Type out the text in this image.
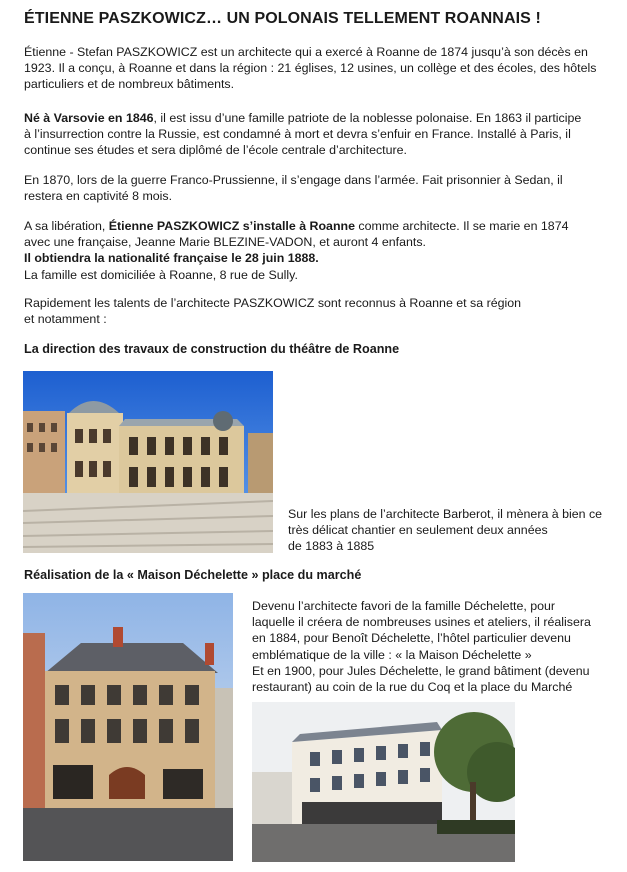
ÉTIENNE PASZKOWICZ… UN POLONAIS TELLEMENT ROANNAIS !
Étienne - Stefan PASZKOWICZ est un architecte qui a exercé à Roanne de 1874 jusqu’à son décès en
1923. Il a conçu, à Roanne et dans la région : 21 églises, 12 usines, un collège et des écoles, des hôtels
particuliers et de nombreux bâtiments.
Né à Varsovie en 1846, il est issu d’une famille patriote de la noblesse polonaise. En 1863 il participe
à l’insurrection contre la Russie, est condamné à mort et devra s’enfuir en France. Installé à Paris, il
continue ses études et sera diplômé de l’école centrale d’architecture.
En 1870, lors de la guerre Franco-Prussienne, il s’engage dans l’armée. Fait prisonnier à Sedan, il
restera en captivité 8 mois.
A sa libération, Étienne PASZKOWICZ s’installe à Roanne comme architecte. Il se marie en 1874
avec une française, Jeanne Marie BLEZINE-VADON, et auront 4 enfants.
Il obtiendra la nationalité française le 28 juin 1888.
La famille est domiciliée à Roanne, 8 rue de Sully.
Rapidement les talents de l’architecte PASZKOWICZ sont reconnus à Roanne et sa région
et notamment :
La direction des travaux de construction du théâtre de Roanne
Sur les plans de l’architecte Barberot, il mènera à bien ce
très délicat chantier en seulement deux années
de 1883 à 1885
Réalisation de la « Maison Déchelette » place du marché
Devenu l’architecte favori de la famille Déchelette, pour
laquelle il créera de nombreuses usines et ateliers, il réalisera
en 1884, pour Benoît Déchelette, l’hôtel particulier devenu
emblématique de la ville : « la Maison Déchelette »
Et en 1900, pour Jules Déchelette, le grand bâtiment (devenu
restaurant) au coin de la rue du Coq et la place du Marché
